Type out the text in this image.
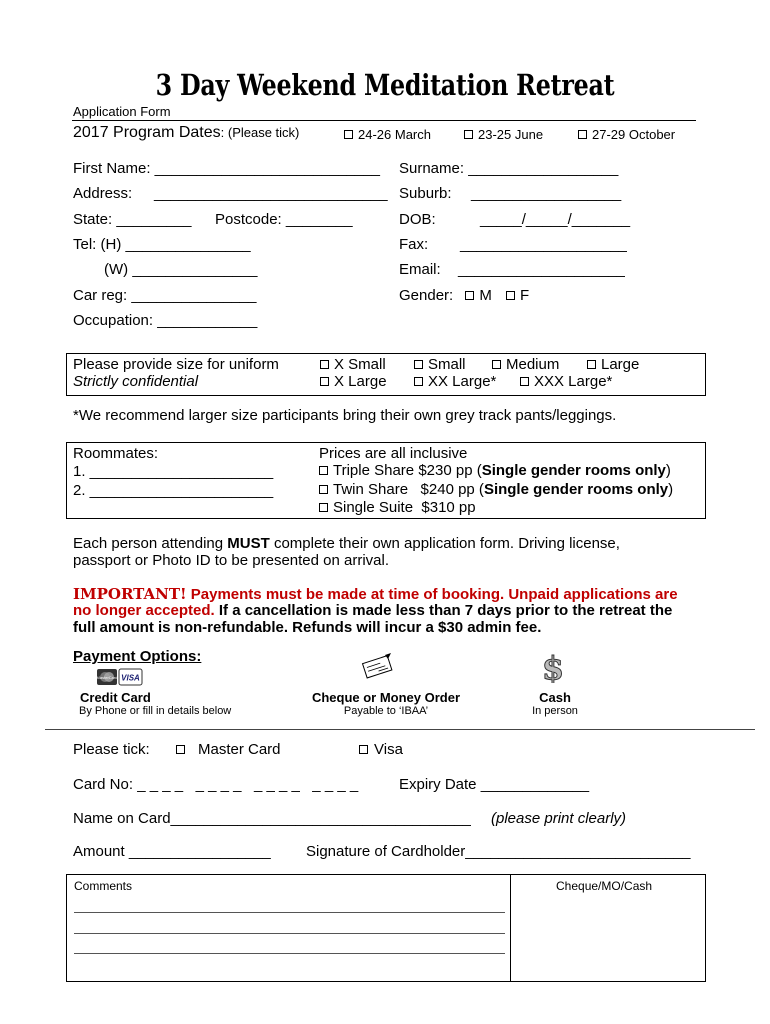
3 Day Weekend Meditation Retreat
Application Form
2017 Program Dates: (Please tick)	24-26 March	23-25 June	27-29 October
First Name: ___________________________ Surname: __________________
Address: ____________________________ Suburb: __________________
State: _________ Postcode: ________	DOB:	_____/_____/_______
Tel: (H) _______________	Fax: ____________________
(W) _______________	Email: ____________________
Car reg: _______________	Gender: M F
Occupation: ____________
Please provide size for uniform
Strictly confidential
X Small	Small	Medium	Large
X Large	XX Large*	XXX Large*
*We recommend larger size participants bring their own grey track pants/leggings.
Roommates:
1. ______________________
2. ______________________
Prices are all inclusive
Triple Share $230 pp (Single gender rooms only)
Twin Share   $240 pp (Single gender rooms only)
Single Suite  $310 pp
Each person attending MUST complete their own application form. Driving license,
passport or Photo ID to be presented on arrival.
IMPORTANT! Payments must be made at time of booking. Unpaid applications are
no longer accepted. If a cancellation is made less than 7 days prior to the retreat the
full amount is non-refundable. Refunds will incur a $30 admin fee.
Payment Options:
MasterCard VISA	$
Credit Card
By Phone or fill in details below
Cheque or Money Order
Payable to ‘IBAA’
Cash
In person
Please tick:	Master Card	Visa
Card No: _ _ _ _   _ _ _ _   _ _ _ _   _ _ _ _	Expiry Date _____________
Name on Card____________________________________ (please print clearly)
Amount _________________ Signature of Cardholder___________________________
Comments	Cheque/MO/Cash
